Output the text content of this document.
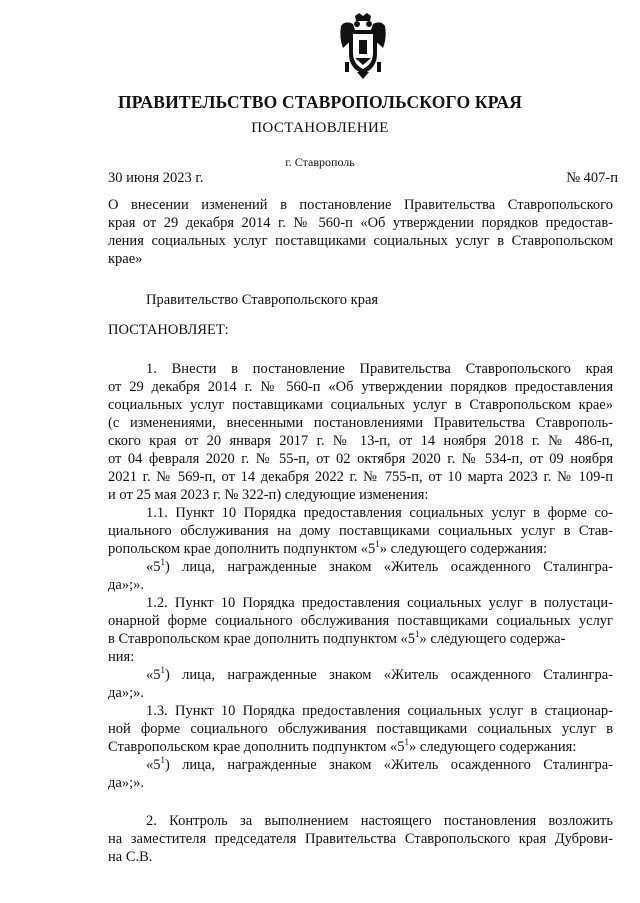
ПРАВИТЕЛЬСТВО СТАВРОПОЛЬСКОГО КРАЯ
ПОСТАНОВЛЕНИЕ
г. Ставрополь
30 июня 2023 г.	№ 407-п
О внесении изменений в постановление Правительства Ставропольского
края от 29 декабря 2014 г. № 560-п «Об утверждении порядков предостав-
ления социальных услуг поставщиками социальных услуг в Ставропольском
крае»
Правительство Ставропольского края
ПОСТАНОВЛЯЕТ:
1. Внести в постановление Правительства Ставропольского края
от 29 декабря 2014 г. № 560-п «Об утверждении порядков предоставления
социальных услуг поставщиками социальных услуг в Ставропольском крае»
(с изменениями, внесенными постановлениями Правительства Ставрополь-
ского края от 20 января 2017 г. № 13-п, от 14 ноября 2018 г. № 486-п,
от 04 февраля 2020 г. № 55-п, от 02 октября 2020 г. № 534-п, от 09 ноября
2021 г. № 569-п, от 14 декабря 2022 г. № 755-п, от 10 марта 2023 г. № 109-п
и от 25 мая 2023 г. № 322-п) следующие изменения:
1.1. Пункт 10 Порядка предоставления социальных услуг в форме со-
циального обслуживания на дому поставщиками социальных услуг в Став-
ропольском крае дополнить подпунктом «$5^1$» следующего содержания:
«$5^1$) лица, награжденные знаком «Житель осажденного Сталингра-
да»;».
1.2. Пункт 10 Порядка предоставления социальных услуг в полустаци-
онарной форме социального обслуживания поставщиками социальных услуг
в Ставропольском крае дополнить подпунктом «$5^1$» следующего содержа-
ния:
«$5^1$) лица, награжденные знаком «Житель осажденного Сталингра-
да»;».
1.3. Пункт 10 Порядка предоставления социальных услуг в стационар-
ной форме социального обслуживания поставщиками социальных услуг в
Ставропольском крае дополнить подпунктом «$5^1$» следующего содержания:
«$5^1$) лица, награжденные знаком «Житель осажденного Сталингра-
да»;».
2. Контроль за выполнением настоящего постановления возложить
на заместителя председателя Правительства Ставропольского края Дуброви-
на С.В.
